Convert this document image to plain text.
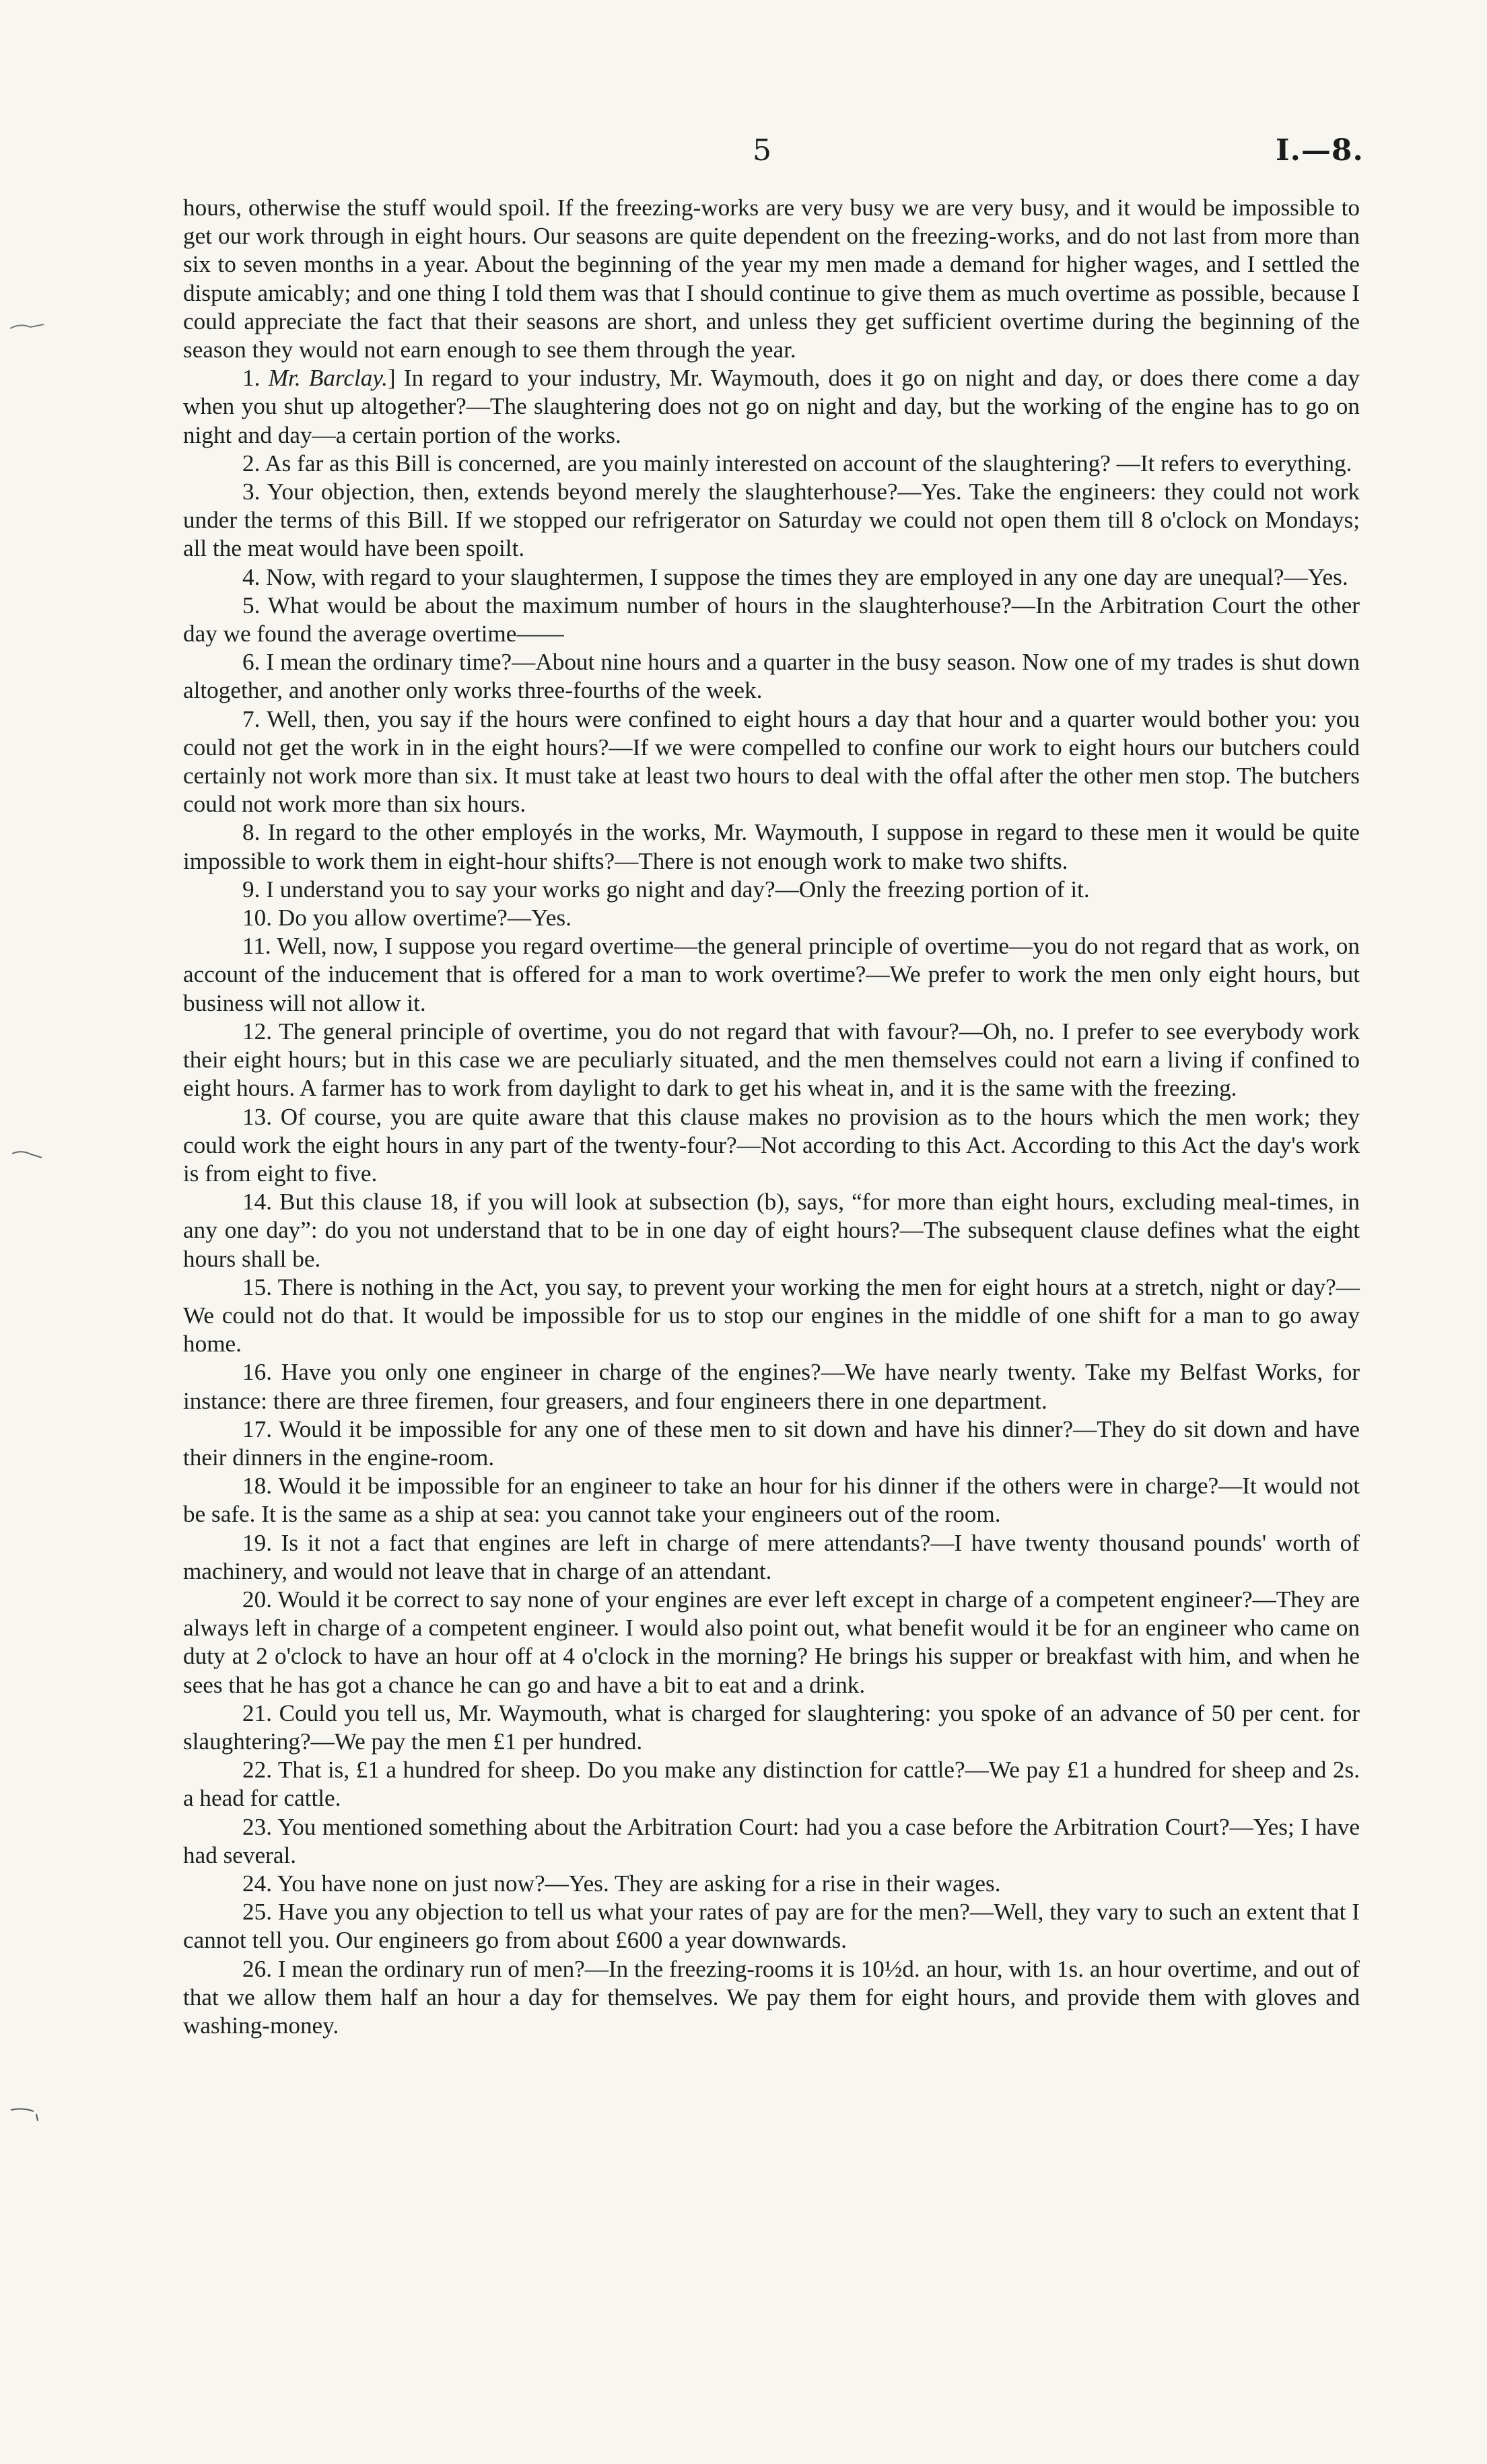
5	I.—8.

hours, otherwise the stuff would spoil. If the freezing-works are very busy we are very busy, and it would be impossible to get our work through in eight hours. Our seasons are quite dependent on the freezing-works, and do not last from more than six to seven months in a year. About the beginning of the year my men made a demand for higher wages, and I settled the dispute amicably; and one thing I told them was that I should continue to give them as much overtime as possible, because I could appreciate the fact that their seasons are short, and unless they get sufficient overtime during the beginning of the season they would not earn enough to see them through the year.

1. Mr. Barclay.] In regard to your industry, Mr. Waymouth, does it go on night and day, or does there come a day when you shut up altogether?—The slaughtering does not go on night and day, but the working of the engine has to go on night and day—a certain portion of the works.

2. As far as this Bill is concerned, are you mainly interested on account of the slaughtering? —It refers to everything.

3. Your objection, then, extends beyond merely the slaughterhouse?—Yes. Take the engineers: they could not work under the terms of this Bill. If we stopped our refrigerator on Saturday we could not open them till 8 o'clock on Mondays; all the meat would have been spoilt.

4. Now, with regard to your slaughtermen, I suppose the times they are employed in any one day are unequal?—Yes.

5. What would be about the maximum number of hours in the slaughterhouse?—In the Arbitration Court the other day we found the average overtime——

6. I mean the ordinary time?—About nine hours and a quarter in the busy season. Now one of my trades is shut down altogether, and another only works three-fourths of the week.

7. Well, then, you say if the hours were confined to eight hours a day that hour and a quarter would bother you: you could not get the work in in the eight hours?—If we were compelled to confine our work to eight hours our butchers could certainly not work more than six. It must take at least two hours to deal with the offal after the other men stop. The butchers could not work more than six hours.

8. In regard to the other employés in the works, Mr. Waymouth, I suppose in regard to these men it would be quite impossible to work them in eight-hour shifts?—There is not enough work to make two shifts.

9. I understand you to say your works go night and day?—Only the freezing portion of it.

10. Do you allow overtime?—Yes.

11. Well, now, I suppose you regard overtime—the general principle of overtime—you do not regard that as work, on account of the inducement that is offered for a man to work overtime?—We prefer to work the men only eight hours, but business will not allow it.

12. The general principle of overtime, you do not regard that with favour?—Oh, no. I prefer to see everybody work their eight hours; but in this case we are peculiarly situated, and the men themselves could not earn a living if confined to eight hours. A farmer has to work from daylight to dark to get his wheat in, and it is the same with the freezing.

13. Of course, you are quite aware that this clause makes no provision as to the hours which the men work; they could work the eight hours in any part of the twenty-four?—Not according to this Act. According to this Act the day's work is from eight to five.

14. But this clause 18, if you will look at subsection (b), says, “for more than eight hours, excluding meal-times, in any one day”: do you not understand that to be in one day of eight hours?—The subsequent clause defines what the eight hours shall be.

15. There is nothing in the Act, you say, to prevent your working the men for eight hours at a stretch, night or day?—We could not do that. It would be impossible for us to stop our engines in the middle of one shift for a man to go away home.

16. Have you only one engineer in charge of the engines?—We have nearly twenty. Take my Belfast Works, for instance: there are three firemen, four greasers, and four engineers there in one department.

17. Would it be impossible for any one of these men to sit down and have his dinner?—They do sit down and have their dinners in the engine-room.

18. Would it be impossible for an engineer to take an hour for his dinner if the others were in charge?—It would not be safe. It is the same as a ship at sea: you cannot take your engineers out of the room.

19. Is it not a fact that engines are left in charge of mere attendants?—I have twenty thousand pounds' worth of machinery, and would not leave that in charge of an attendant.

20. Would it be correct to say none of your engines are ever left except in charge of a competent engineer?—They are always left in charge of a competent engineer. I would also point out, what benefit would it be for an engineer who came on duty at 2 o'clock to have an hour off at 4 o'clock in the morning? He brings his supper or breakfast with him, and when he sees that he has got a chance he can go and have a bit to eat and a drink.

21. Could you tell us, Mr. Waymouth, what is charged for slaughtering: you spoke of an advance of 50 per cent. for slaughtering?—We pay the men £1 per hundred.

22. That is, £1 a hundred for sheep. Do you make any distinction for cattle?—We pay £1 a hundred for sheep and 2s. a head for cattle.

23. You mentioned something about the Arbitration Court: had you a case before the Arbitration Court?—Yes; I have had several.

24. You have none on just now?—Yes. They are asking for a rise in their wages.

25. Have you any objection to tell us what your rates of pay are for the men?—Well, they vary to such an extent that I cannot tell you. Our engineers go from about £600 a year downwards.

26. I mean the ordinary run of men?—In the freezing-rooms it is 10½d. an hour, with 1s. an hour overtime, and out of that we allow them half an hour a day for themselves. We pay them for eight hours, and provide them with gloves and washing-money.
